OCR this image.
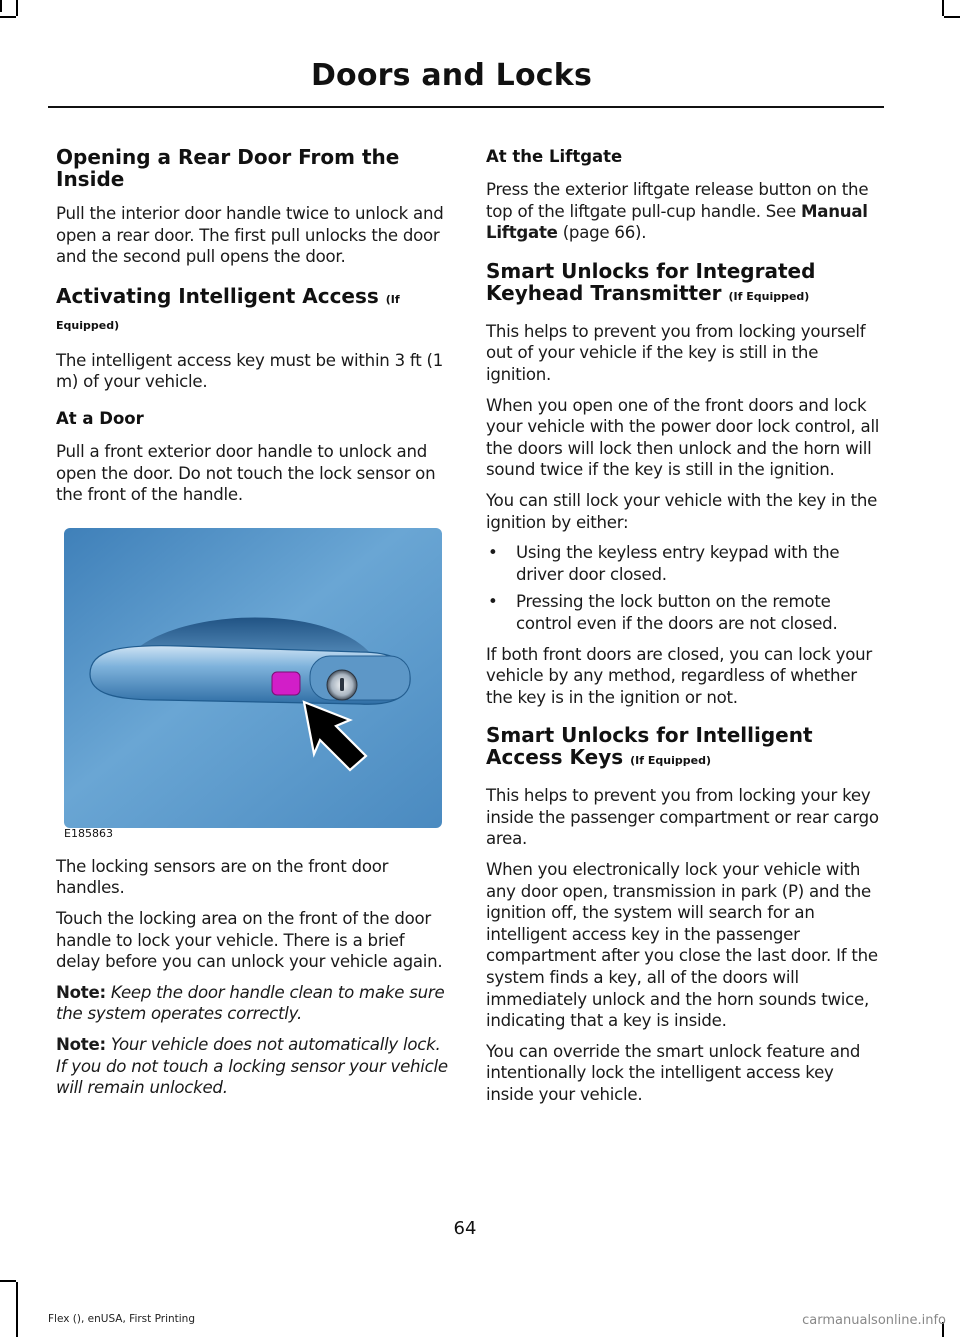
Doors and Locks
Opening a Rear Door From the Inside

Pull the interior door handle twice to unlock and open a rear door. The first pull unlocks the door and the second pull opens the door.

Activating Intelligent Access (If Equipped)

The intelligent access key must be within 3 ft (1 m) of your vehicle.

At a Door

Pull a front exterior door handle to unlock and open the door. Do not touch the lock sensor on the front of the handle.

E185863

The locking sensors are on the front door handles.

Touch the locking area on the front of the door handle to lock your vehicle. There is a brief delay before you can unlock your vehicle again.

Note: Keep the door handle clean to make sure the system operates correctly.

Note: Your vehicle does not automatically lock. If you do not touch a locking sensor your vehicle will remain unlocked.

At the Liftgate

Press the exterior liftgate release button on the top of the liftgate pull-cup handle. See Manual Liftgate (page 66).

Smart Unlocks for Integrated Keyhead Transmitter (If Equipped)

This helps to prevent you from locking yourself out of your vehicle if the key is still in the ignition.

When you open one of the front doors and lock your vehicle with the power door lock control, all the doors will lock then unlock and the horn will sound twice if the key is still in the ignition.

You can still lock your vehicle with the key in the ignition by either:

• Using the keyless entry keypad with the driver door closed.
• Pressing the lock button on the remote control even if the doors are not closed.

If both front doors are closed, you can lock your vehicle by any method, regardless of whether the key is in the ignition or not.

Smart Unlocks for Intelligent Access Keys (If Equipped)

This helps to prevent you from locking your key inside the passenger compartment or rear cargo area.

When you electronically lock your vehicle with any door open, transmission in park (P) and the ignition off, the system will search for an intelligent access key in the passenger compartment after you close the last door. If the system finds a key, all of the doors will immediately unlock and the horn sounds twice, indicating that a key is inside.

You can override the smart unlock feature and intentionally lock the intelligent access key inside your vehicle.

64
Flex (), enUSA, First Printing	carmanualsonline.info
